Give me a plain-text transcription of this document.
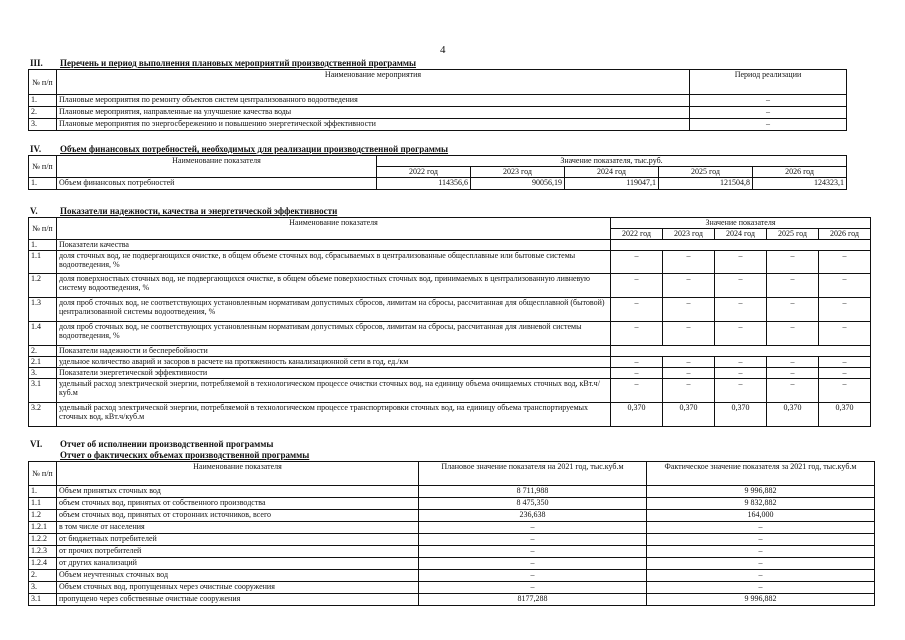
4
III. Перечень и период выполнения плановых мероприятий производственной программы
№ п/п	Наименование мероприятия	Период реализации
1.	Плановые мероприятия по ремонту объектов систем централизованного водоотведения	–
2.	Плановые мероприятия, направленные на улучшение качества воды	–
3.	Плановые мероприятия по энергосбережению и повышению энергетической эффективности	–
IV. Объем финансовых потребностей, необходимых для реализации производственной программы
№ п/п	Наименование показателя	Значение показателя, тыс.руб.				
		2022 год	2023 год	2024 год	2025 год	2026 год
1.	Объем финансовых потребностей	114356,6	90056,19	119047,1	121504,8	124323,1
V. Показатели надежности, качества и энергетической эффективности
№ п/п	Наименование показателя	Значение показателя				
		2022 год	2023 год	2024 год	2025 год	2026 год
1.	Показатели качества					
1.1	доля сточных вод, не подвергающихся очистке, в общем объеме сточных вод, сбрасываемых в централизованные общесплавные или бытовые системы водоотведения, %	–	–	–	–	–
1.2	доля поверхностных сточных вод, не подвергающихся очистке, в общем объеме поверхностных сточных вод, принимаемых в централизованную ливневую систему водоотведения, %	–	–	–	–	–
1.3	доля проб сточных вод, не соответствующих установленным нормативам допустимых сбросов, лимитам на сбросы, рассчитанная для общесплавной (бытовой) централизованной системы водоотведения, %	–	–	–	–	–
1.4	доля проб сточных вод, не соответствующих установленным нормативам допустимых сбросов, лимитам на сбросы, рассчитанная для ливневой системы водоотведения, %	–	–	–	–	–
2.	Показатели надежности и бесперебойности					
2.1	удельное количество аварий и засоров в расчете на протяженность канализационной сети в год, ед./км	–	–	–	–	–
3.	Показатели энергетической эффективности	–	–	–	–	–
3.1	удельный расход электрической энергии, потребляемой в технологическом процессе очистки сточных вод, на единицу объема очищаемых сточных вод, кВт.ч/куб.м	–	–	–	–	–
3.2	удельный расход электрической энергии, потребляемой в технологическом процессе транспортировки сточных вод, на единицу объема транспортируемых сточных вод, кВт.ч/куб.м	0,370	0,370	0,370	0,370	0,370
VI. Отчет об исполнении производственной программы
Отчет о фактических объемах производственной программы
№ п/п	Наименование показателя	Плановое значение показателя на 2021 год, тыс.куб.м	Фактическое значение показателя за 2021 год, тыс.куб.м
1.	Объем принятых сточных вод	8 711,988	9 996,882
1.1	объем сточных вод, принятых от собственного производства	8 475,350	9 832,882
1.2	объем сточных вод, принятых от сторонних источников, всего	236,638	164,000
1.2.1	в том числе от населения	–	–
1.2.2	от бюджетных потребителей	–	–
1.2.3	от прочих потребителей	–	–
1.2.4	от других канализаций	–	–
2.	Объем неучтенных сточных вод	–	–
3.	Объем сточных вод, пропущенных через очистные сооружения	–	–
3.1	пропущено через собственные очистные сооружения	8177,288	9 996,882
